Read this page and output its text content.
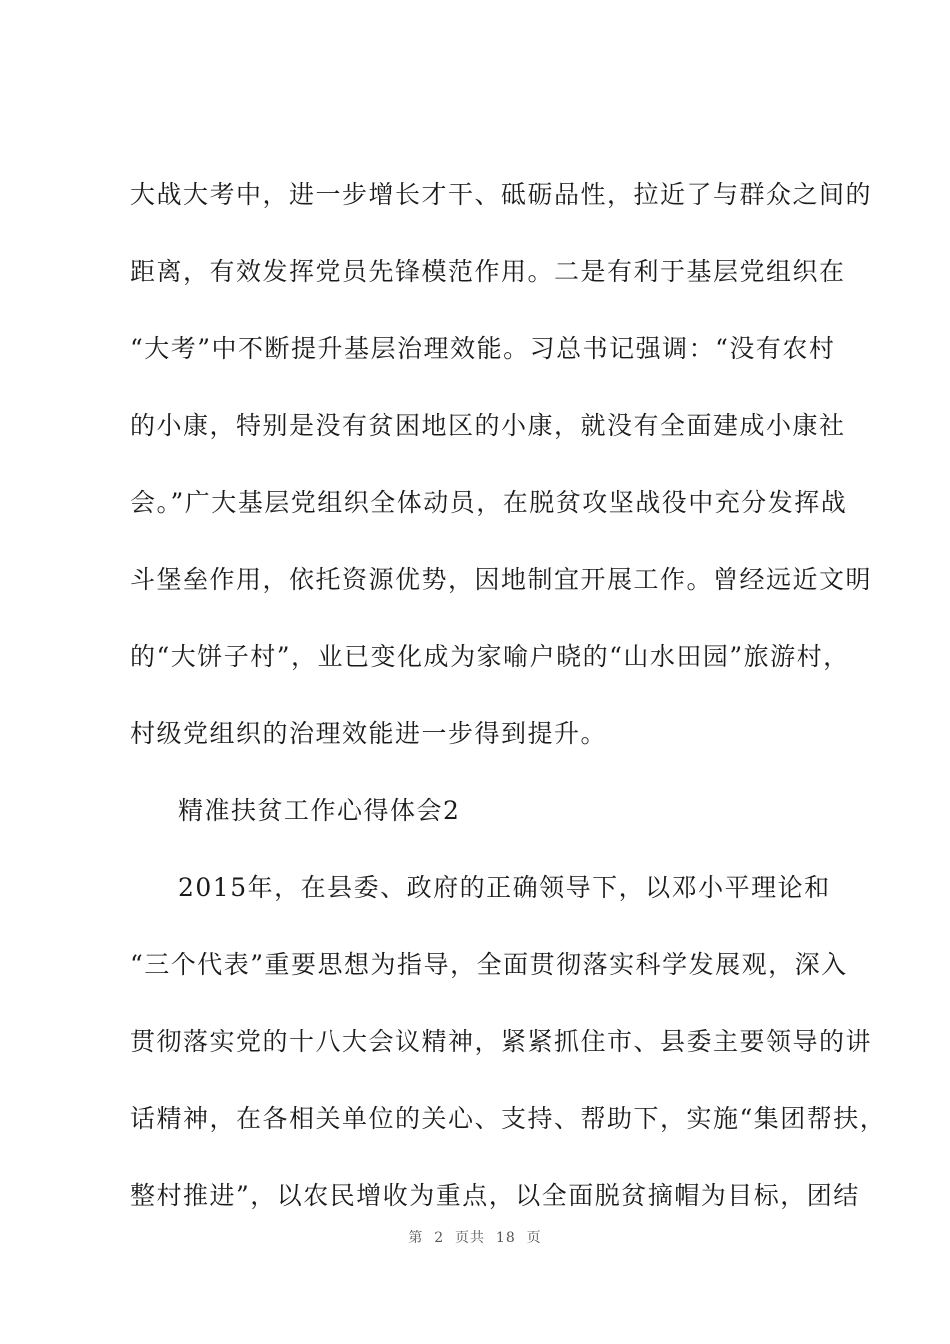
大战大考中，进一步增长才干、砥砺品性，拉近了与群众之间的
距离，有效发挥党员先锋模范作用。二是有利于基层党组织在
“大考”中不断提升基层治理效能。习总书记强调：“没有农村
的小康，特别是没有贫困地区的小康，就没有全面建成小康社
会。”广大基层党组织全体动员，在脱贫攻坚战役中充分发挥战
斗堡垒作用，依托资源优势，因地制宜开展工作。曾经远近文明
的“大饼子村”，业已变化成为家喻户晓的“山水田园”旅游村，
村级党组织的治理效能进一步得到提升。
精准扶贫工作心得体会2
2015年，在县委、政府的正确领导下，以邓小平理论和
“三个代表”重要思想为指导，全面贯彻落实科学发展观，深入
贯彻落实党的十八大会议精神，紧紧抓住市、县委主要领导的讲
话精神，在各相关单位的关心、支持、帮助下，实施“集团帮扶，
整村推进”，以农民增收为重点，以全面脱贫摘帽为目标，团结
第  2  页共  18  页
